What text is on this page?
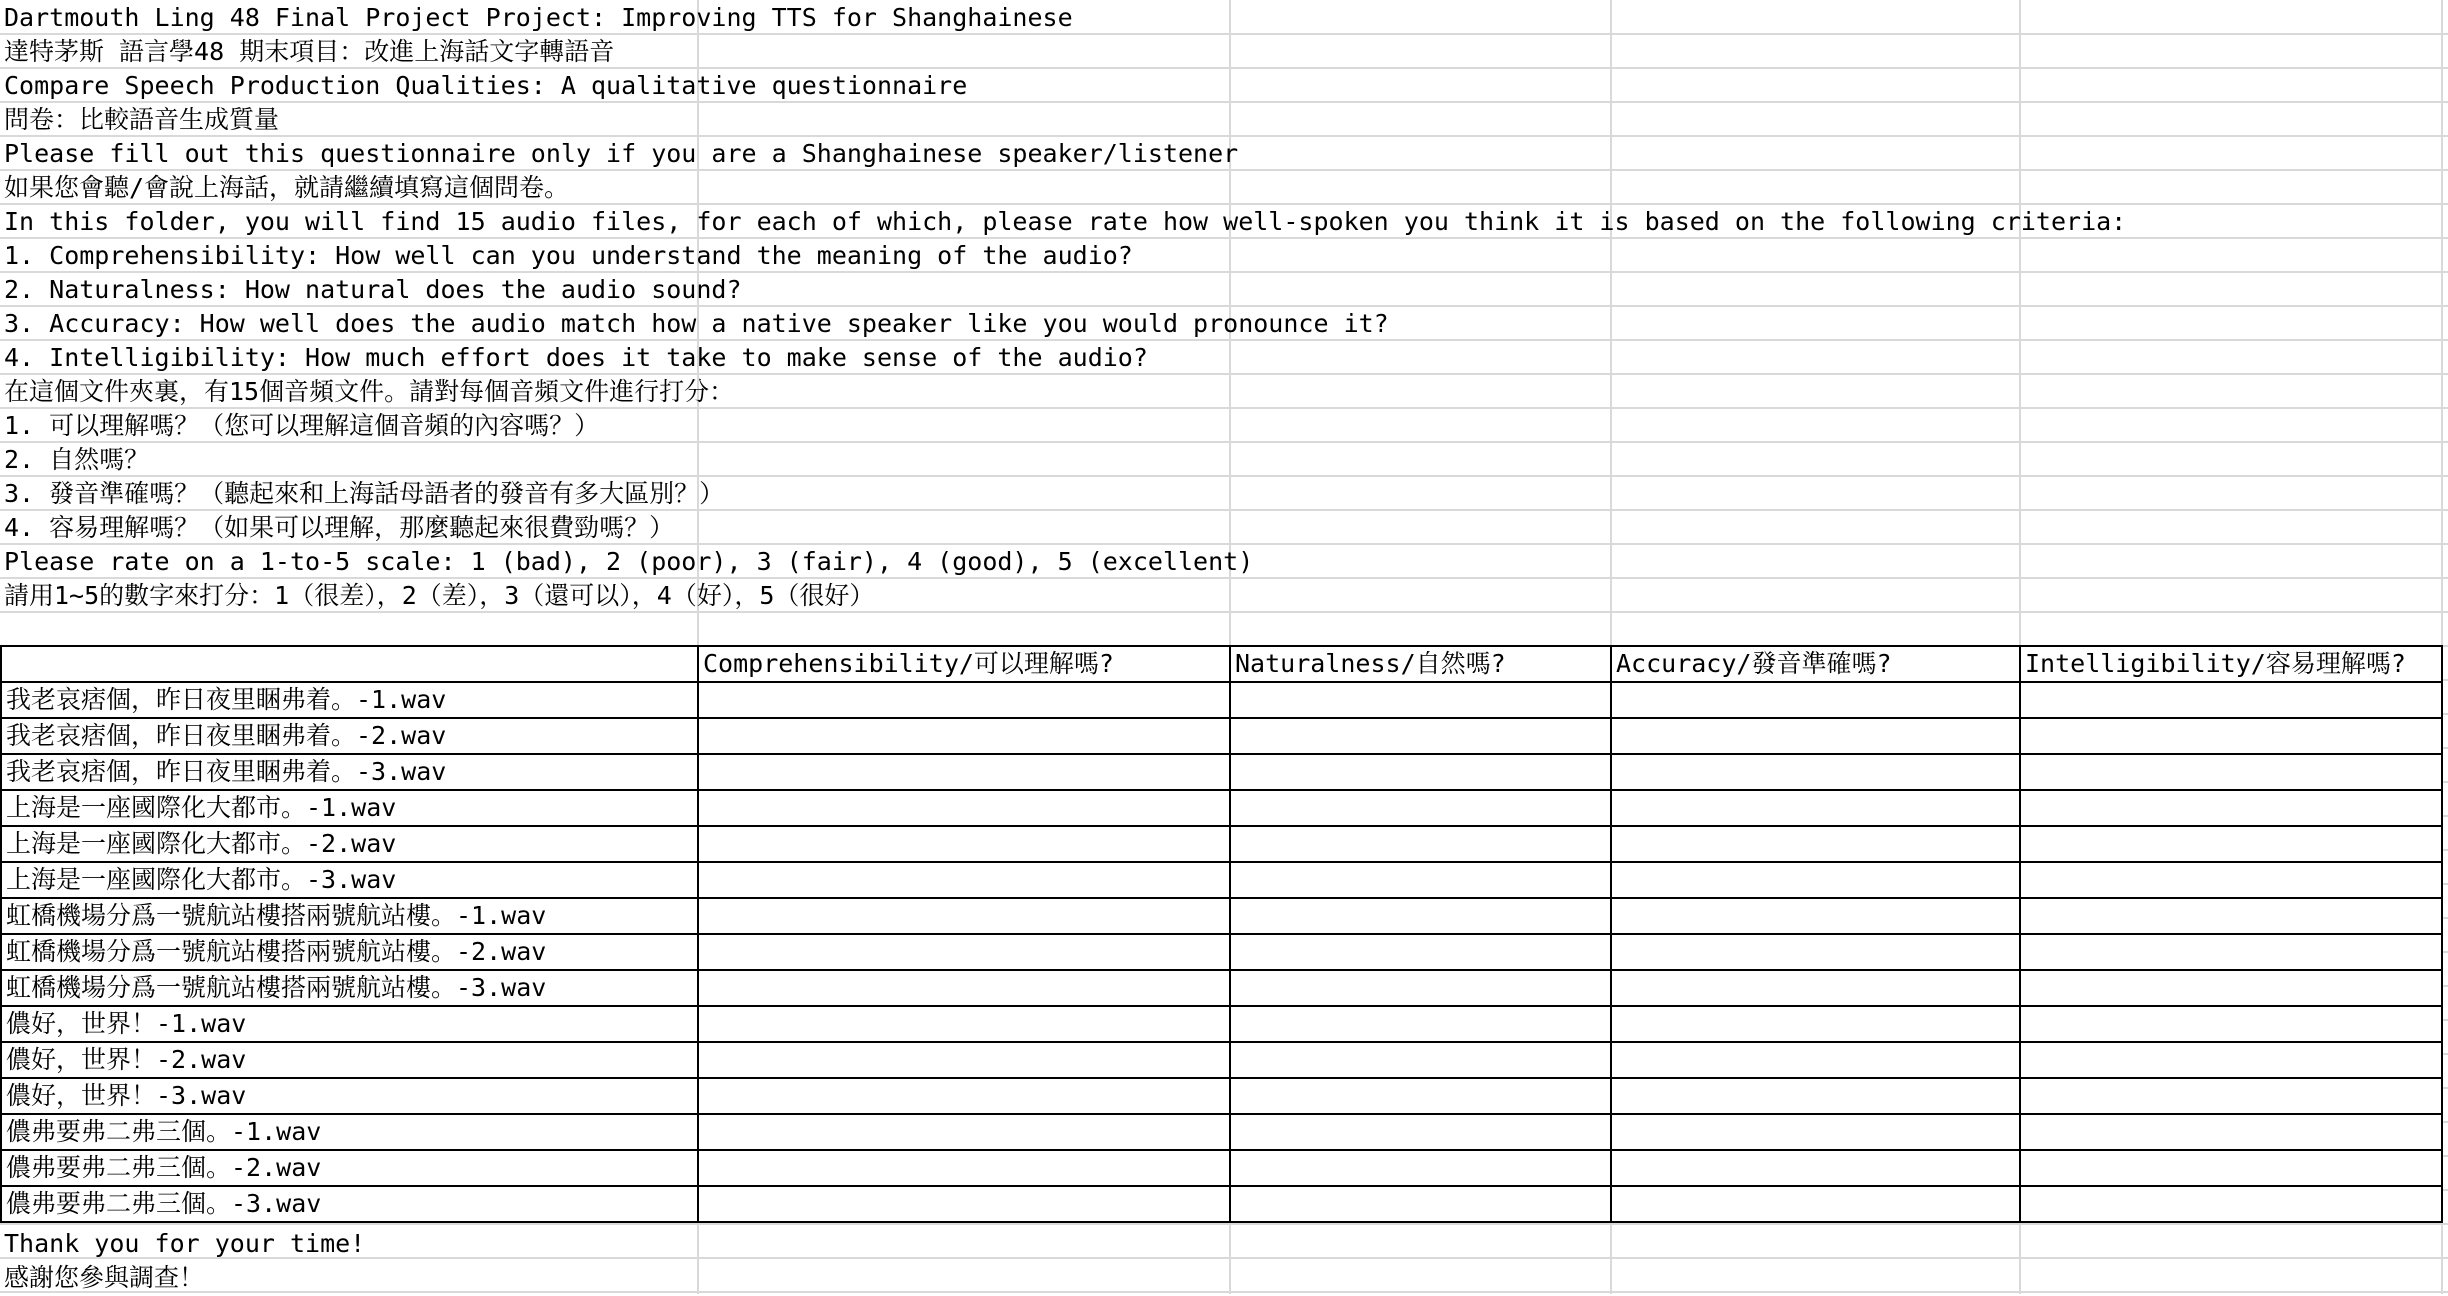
Dartmouth Ling 48 Final Project Project: Improving TTS for Shanghainese
達特茅斯 語言學48 期末項目：改進上海話文字轉語音
Compare Speech Production Qualities: A qualitative questionnaire
問卷：比較語音生成質量
Please fill out this questionnaire only if you are a Shanghainese speaker/listener
如果您會聽/會說上海話，就請繼續填寫這個問卷。
In this folder, you will find 15 audio files, for each of which, please rate how well-spoken you think it is based on the following criteria:
1. Comprehensibility: How well can you understand the meaning of the audio?
2. Naturalness: How natural does the audio sound?
3. Accuracy: How well does the audio match how a native speaker like you would pronounce it?
4. Intelligibility: How much effort does it take to make sense of the audio?
在這個文件夾裏，有15個音頻文件。請對每個音頻文件進行打分：
1. 可以理解嗎？（您可以理解這個音頻的內容嗎？）
2. 自然嗎？
3. 發音準確嗎？（聽起來和上海話母語者的發音有多大區別？）
4. 容易理解嗎？（如果可以理解，那麼聽起來很費勁嗎？）
Please rate on a 1-to-5 scale: 1 (bad), 2 (poor), 3 (fair), 4 (good), 5 (excellent)
請用1~5的數字來打分：1（很差），2（差），3（還可以），4（好），5（很好）
	Comprehensibility/可以理解嗎?	Naturalness/自然嗎?	Accuracy/發音準確嗎?	Intelligibility/容易理解嗎?
我老哀痞個，昨日夜里睏弗着。-1.wav				
我老哀痞個，昨日夜里睏弗着。-2.wav				
我老哀痞個，昨日夜里睏弗着。-3.wav				
上海是一座國際化大都市。-1.wav				
上海是一座國際化大都市。-2.wav				
上海是一座國際化大都市。-3.wav				
虹橋機場分爲一號航站樓搭兩號航站樓。-1.wav				
虹橋機場分爲一號航站樓搭兩號航站樓。-2.wav				
虹橋機場分爲一號航站樓搭兩號航站樓。-3.wav				
儂好，世界！-1.wav				
儂好，世界！-2.wav				
儂好，世界！-3.wav				
儂弗要弗二弗三個。-1.wav				
儂弗要弗二弗三個。-2.wav				
儂弗要弗二弗三個。-3.wav				
Thank you for your time!
感謝您參與調查！
